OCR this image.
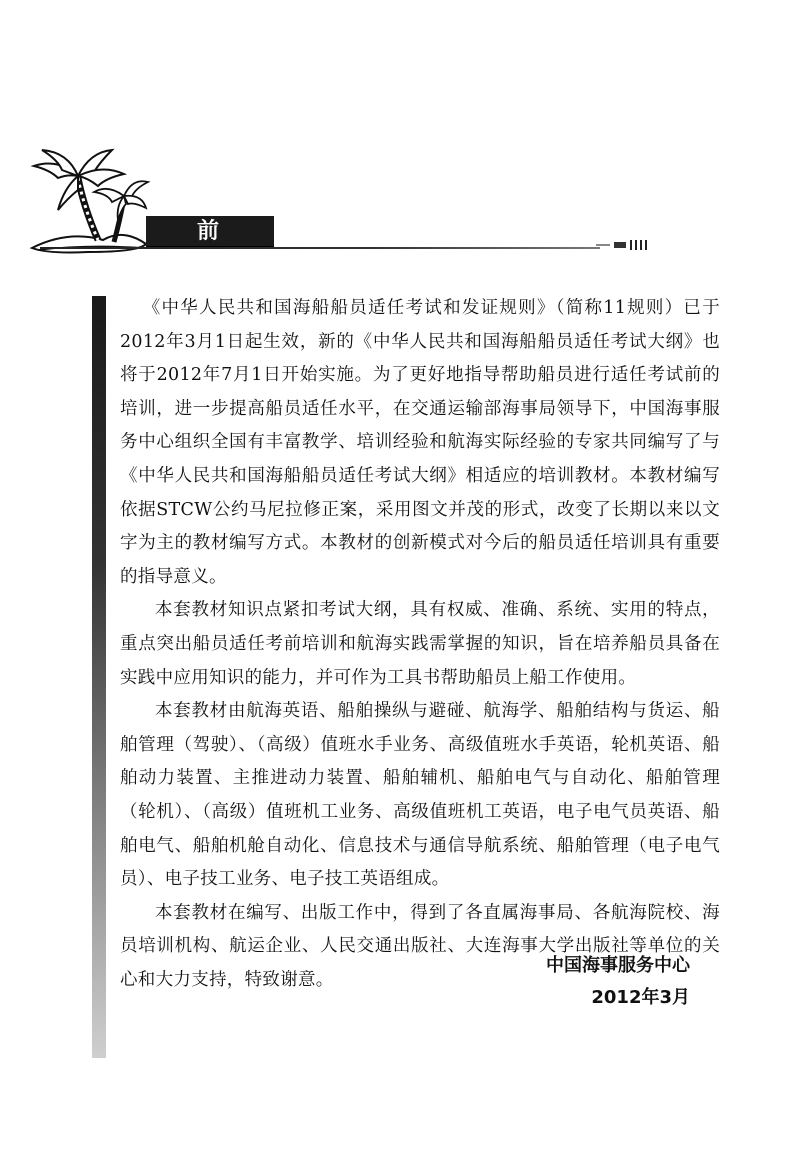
前 言

《中华人民共和国海船船员适任考试和发证规则》（简称11规则）已于2012年3月1日起生效，新的《中华人民共和国海船船员适任考试大纲》也将于2012年7月1日开始实施。为了更好地指导帮助船员进行适任考试前的培训，进一步提高船员适任水平，在交通运输部海事局领导下，中国海事服务中心组织全国有丰富教学、培训经验和航海实际经验的专家共同编写了与《中华人民共和国海船船员适任考试大纲》相适应的培训教材。本教材编写依据STCW公约马尼拉修正案，采用图文并茂的形式，改变了长期以来以文字为主的教材编写方式。本教材的创新模式对今后的船员适任培训具有重要的指导意义。

本套教材知识点紧扣考试大纲，具有权威、准确、系统、实用的特点，重点突出船员适任考前培训和航海实践需掌握的知识，旨在培养船员具备在实践中应用知识的能力，并可作为工具书帮助船员上船工作使用。

本套教材由航海英语、船舶操纵与避碰、航海学、船舶结构与货运、船舶管理（驾驶）、（高级）值班水手业务、高级值班水手英语，轮机英语、船舶动力装置、主推进动力装置、船舶辅机、船舶电气与自动化、船舶管理（轮机）、（高级）值班机工业务、高级值班机工英语，电子电气员英语、船舶电气、船舶机舱自动化、信息技术与通信导航系统、船舶管理（电子电气员）、电子技工业务、电子技工英语组成。

本套教材在编写、出版工作中，得到了各直属海事局、各航海院校、海员培训机构、航运企业、人民交通出版社、大连海事大学出版社等单位的关心和大力支持，特致谢意。

中国海事服务中心
2012年3月
